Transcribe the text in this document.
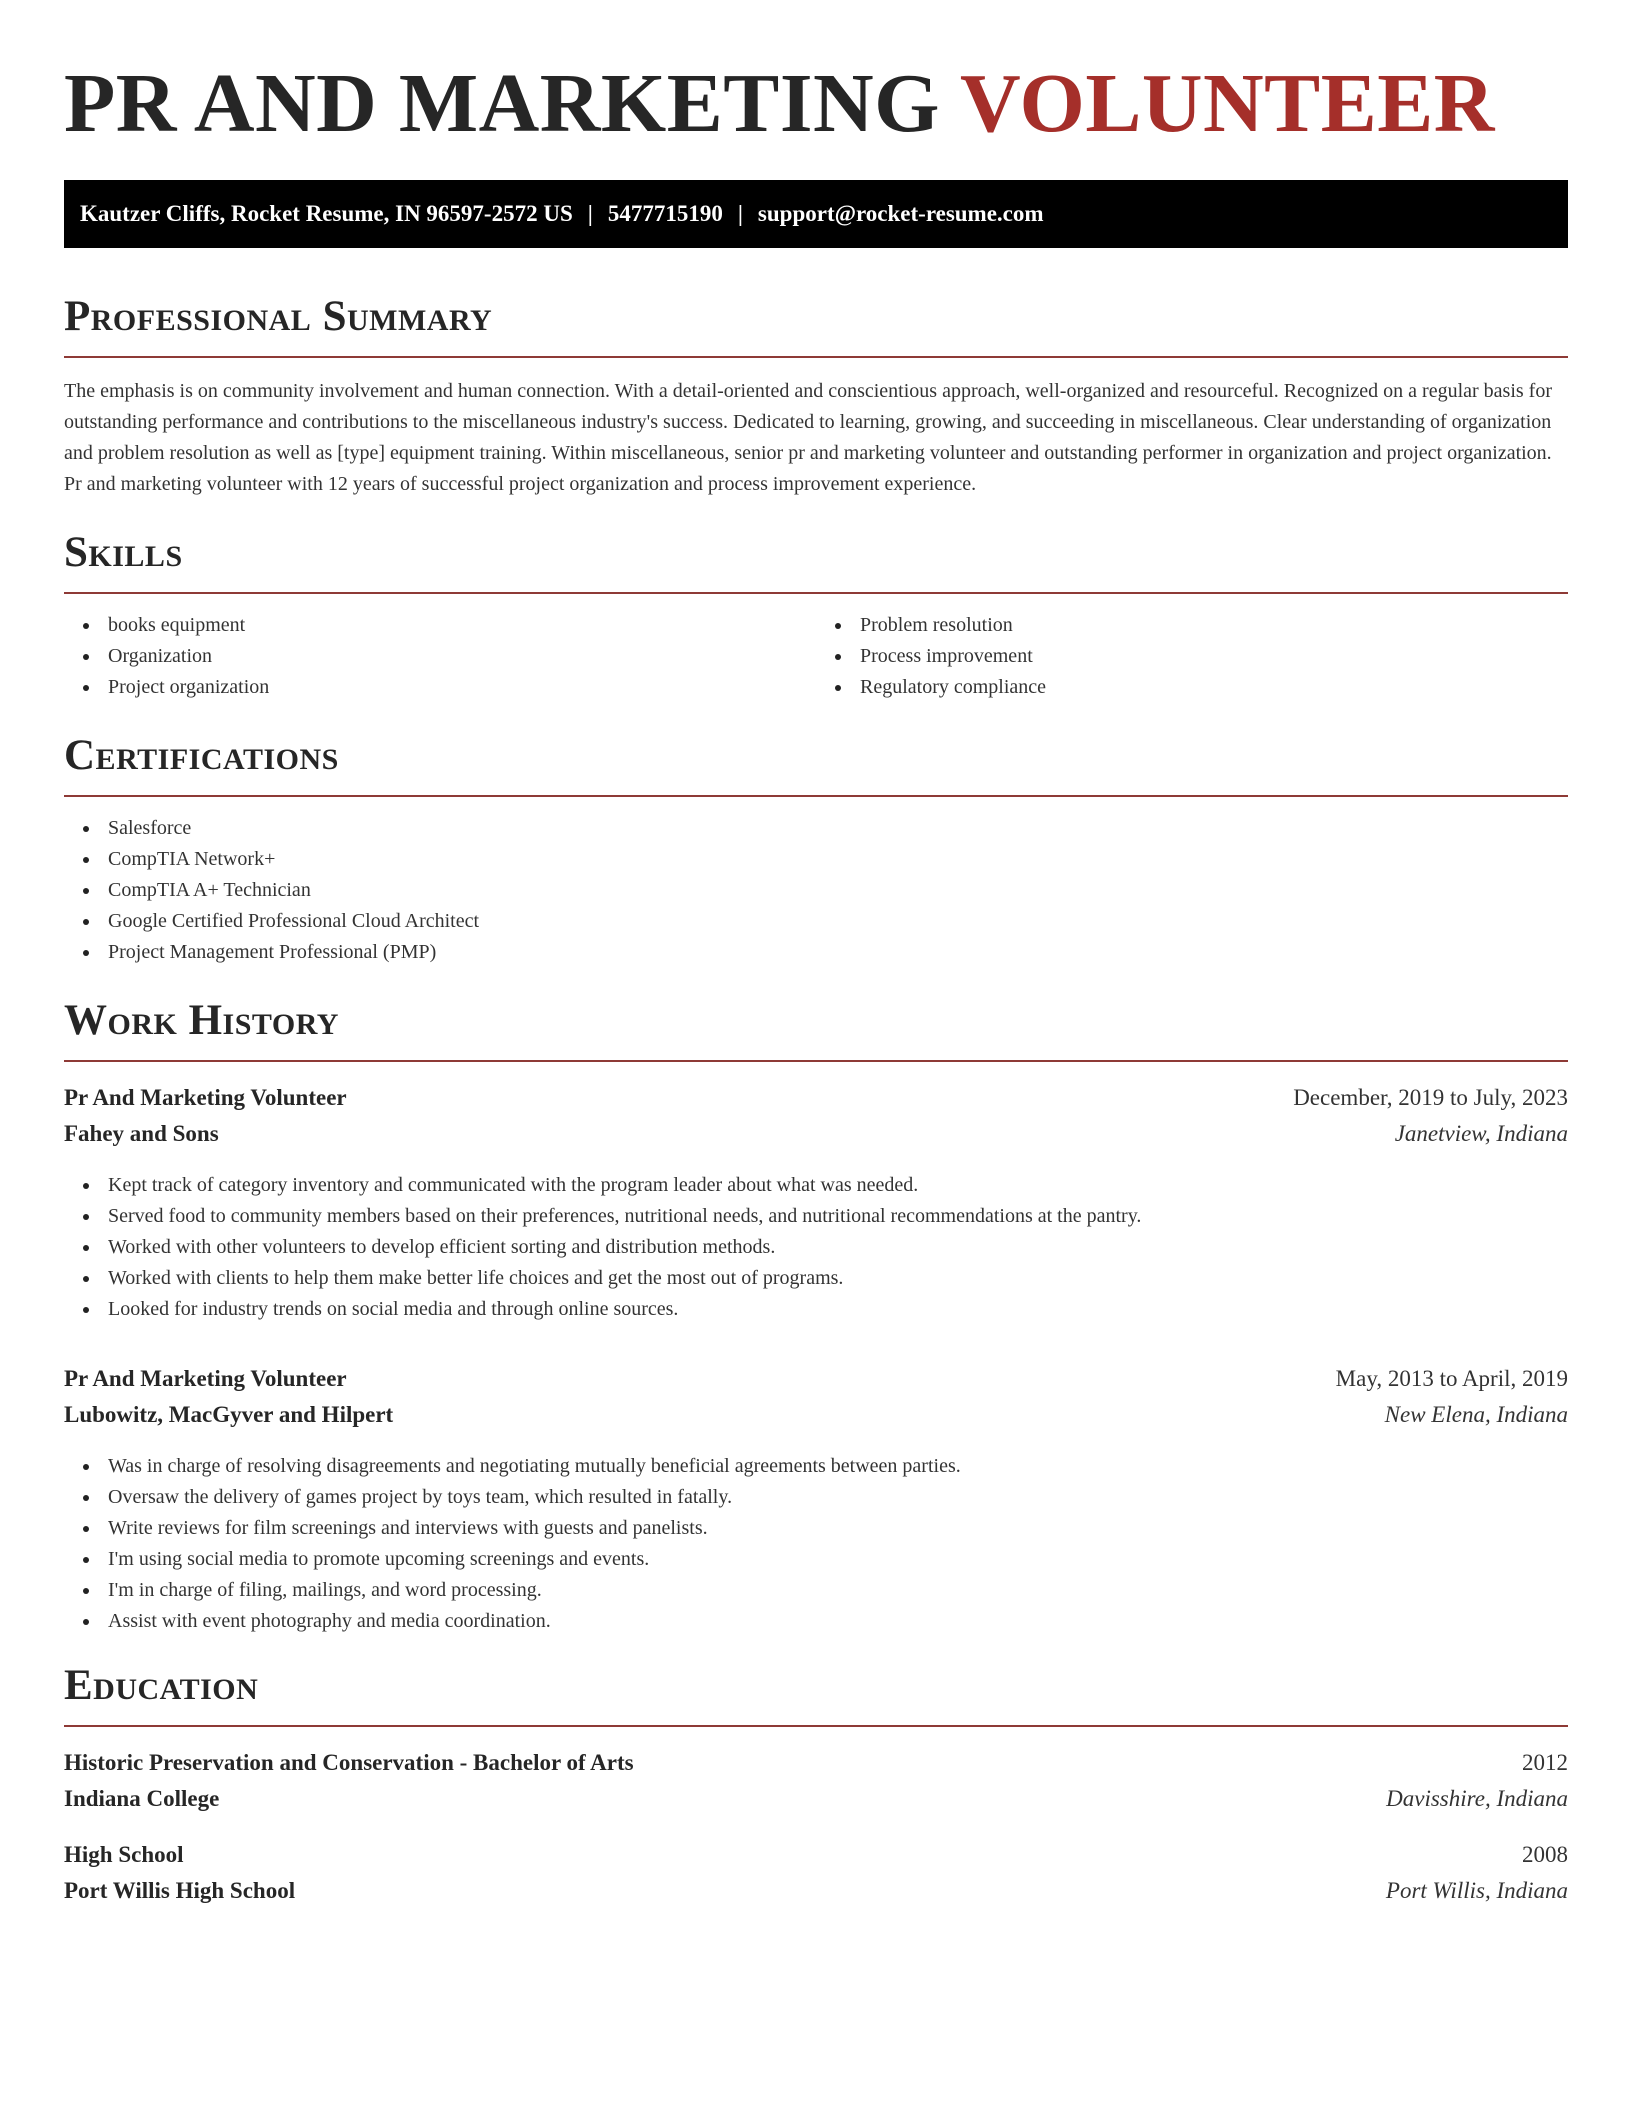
PR AND MARKETING VOLUNTEER
Kautzer Cliffs, Rocket Resume, IN 96597-2572 US | 5477715190 | support@rocket-resume.com
Professional Summary

The emphasis is on community involvement and human connection. With a detail-oriented and conscientious approach, well-organized and resourceful. Recognized on a regular basis for outstanding performance and contributions to the miscellaneous industry's success. Dedicated to learning, growing, and succeeding in miscellaneous. Clear understanding of organization and problem resolution as well as [type] equipment training. Within miscellaneous, senior pr and marketing volunteer and outstanding performer in organization and project organization. Pr and marketing volunteer with 12 years of successful project organization and process improvement experience.

Skills
books equipment
Organization
Project organization
Problem resolution
Process improvement
Regulatory compliance
Certifications
Salesforce
CompTIA Network+
CompTIA A+ Technician
Google Certified Professional Cloud Architect
Project Management Professional (PMP)
Work History
Pr And Marketing Volunteer	December, 2019 to July, 2023
Fahey and Sons	Janetview, Indiana
Kept track of category inventory and communicated with the program leader about what was needed.
Served food to community members based on their preferences, nutritional needs, and nutritional recommendations at the pantry.
Worked with other volunteers to develop efficient sorting and distribution methods.
Worked with clients to help them make better life choices and get the most out of programs.
Looked for industry trends on social media and through online sources.
Pr And Marketing Volunteer	May, 2013 to April, 2019
Lubowitz, MacGyver and Hilpert	New Elena, Indiana
Was in charge of resolving disagreements and negotiating mutually beneficial agreements between parties.
Oversaw the delivery of games project by toys team, which resulted in fatally.
Write reviews for film screenings and interviews with guests and panelists.
I'm using social media to promote upcoming screenings and events.
I'm in charge of filing, mailings, and word processing.
Assist with event photography and media coordination.
Education
Historic Preservation and Conservation - Bachelor of Arts	2012
Indiana College	Davisshire, Indiana
High School	2008
Port Willis High School	Port Willis, Indiana
